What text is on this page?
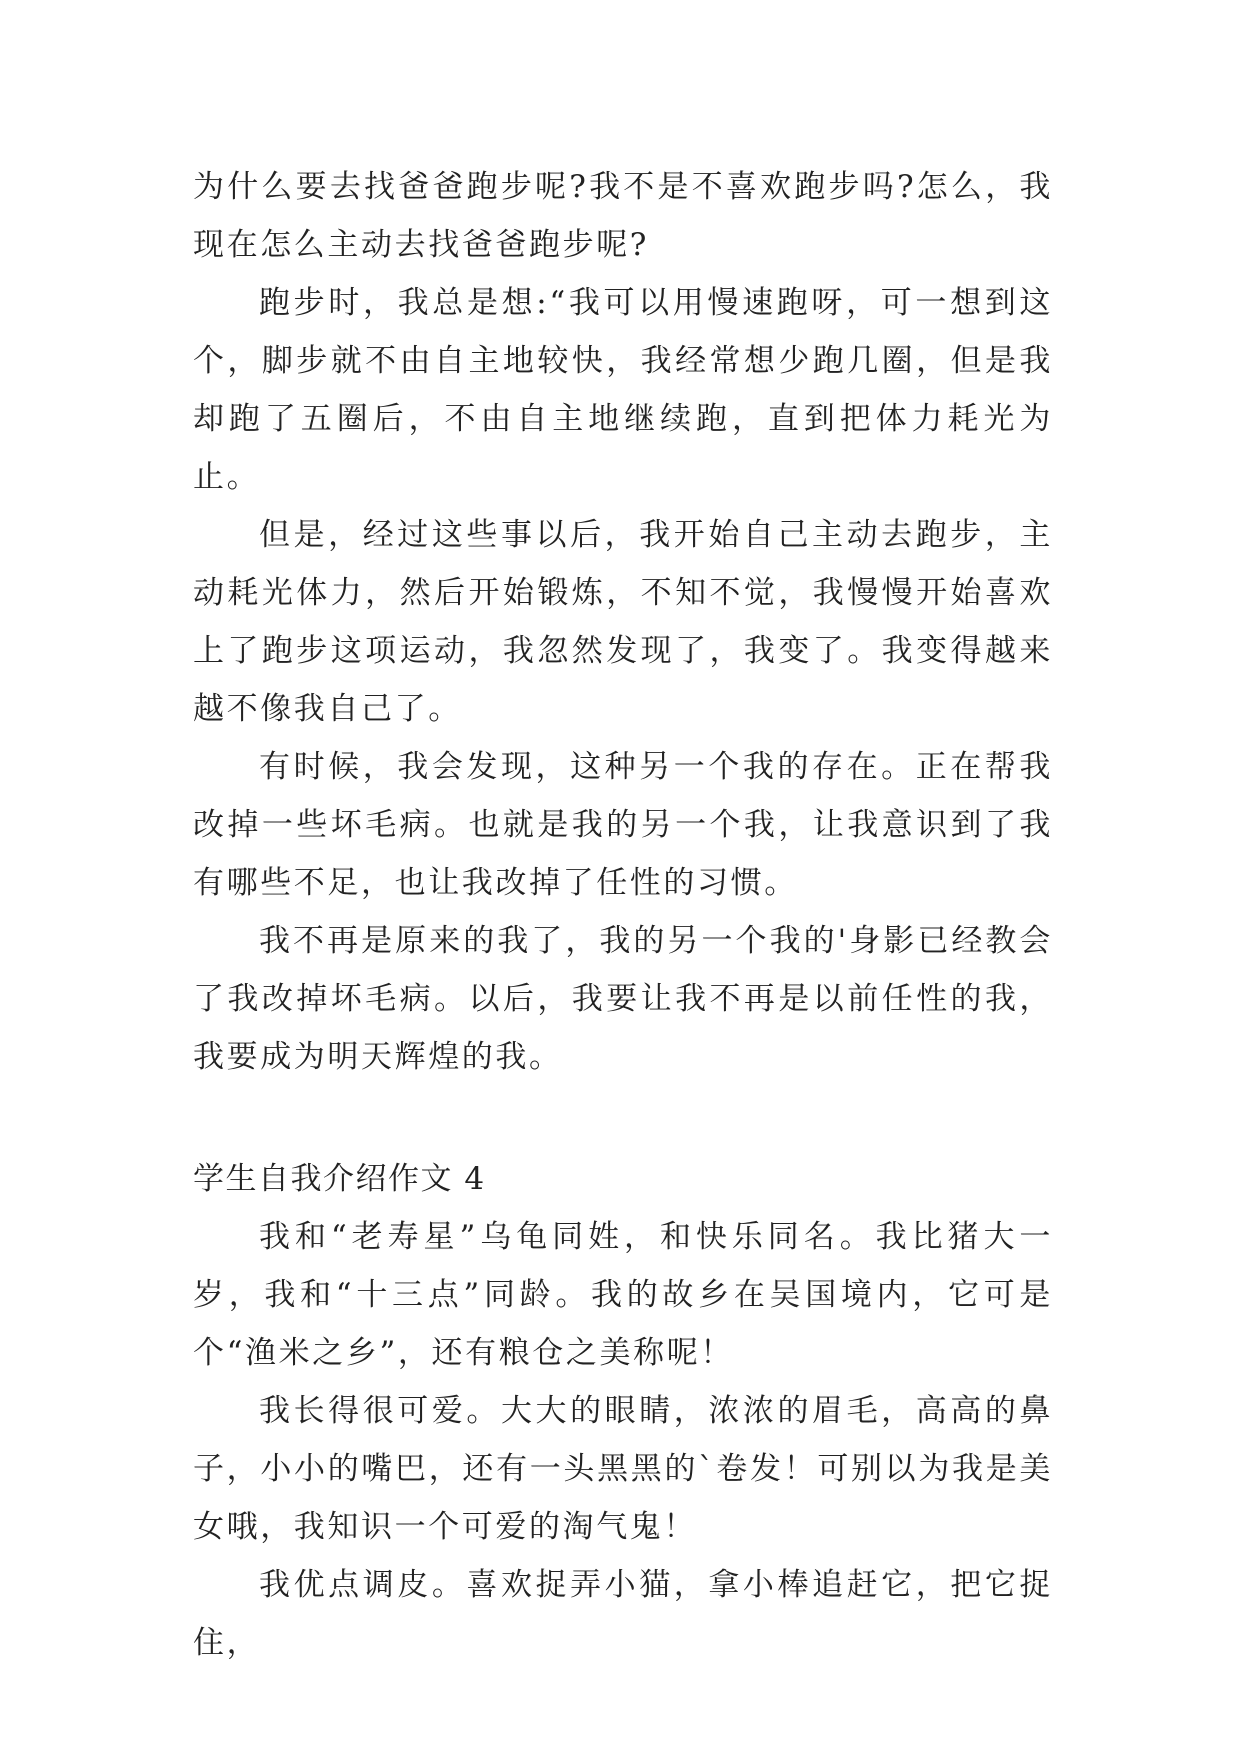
为什么要去找爸爸跑步呢?我不是不喜欢跑步吗?怎么，我现在怎么主动去找爸爸跑步呢?

跑步时，我总是想:“我可以用慢速跑呀，可一想到这个，脚步就不由自主地较快，我经常想少跑几圈，但是我却跑了五圈后，不由自主地继续跑，直到把体力耗光为止。

但是，经过这些事以后，我开始自己主动去跑步，主动耗光体力，然后开始锻炼，不知不觉，我慢慢开始喜欢上了跑步这项运动，我忽然发现了，我变了。我变得越来越不像我自己了。

有时候，我会发现，这种另一个我的存在。正在帮我改掉一些坏毛病。也就是我的另一个我，让我意识到了我有哪些不足，也让我改掉了任性的习惯。

我不再是原来的我了，我的另一个我的'身影已经教会了我改掉坏毛病。以后，我要让我不再是以前任性的我，我要成为明天辉煌的我。

学生自我介绍作文 4

我和“老寿星”乌龟同姓，和快乐同名。我比猪大一岁，我和“十三点”同龄。我的故乡在吴国境内，它可是个“渔米之乡”，还有粮仓之美称呢！

我长得很可爱。大大的眼睛，浓浓的眉毛，高高的鼻子，小小的嘴巴，还有一头黑黑的`卷发！可别以为我是美女哦，我知识一个可爱的淘气鬼！

我优点调皮。喜欢捉弄小猫，拿小棒追赶它，把它捉住，
